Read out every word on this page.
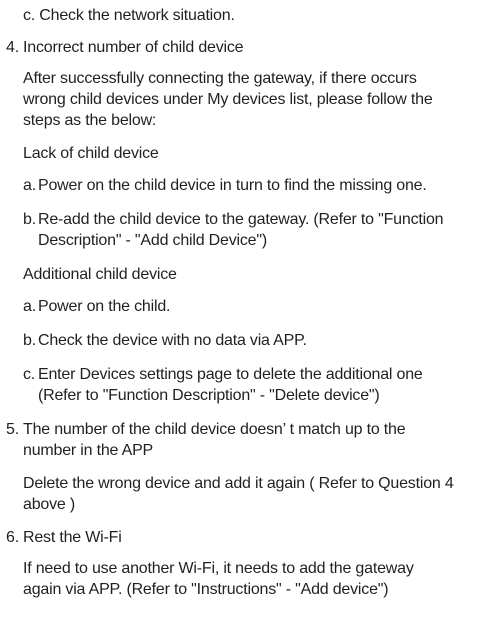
c. Check the network situation.
4. Incorrect number of child device
After successfully connecting the gateway, if there occurs
wrong child devices under My devices list, please follow the
steps as the below:
Lack of child device
a. Power on the child device in turn to find the missing one.
b. Re-add the child device to the gateway. (Refer to "Function
Description" - "Add child Device")
Additional child device
a. Power on the child.
b. Check the device with no data via APP.
c. Enter Devices settings page to delete the additional one
(Refer to "Function Description" - "Delete device")
5. The number of the child device doesn’ t match up to the
number in the APP
Delete the wrong device and add it again ( Refer to Question 4
above )
6. Rest the Wi-Fi
If need to use another Wi-Fi, it needs to add the gateway
again via APP. (Refer to "Instructions" - "Add device")
